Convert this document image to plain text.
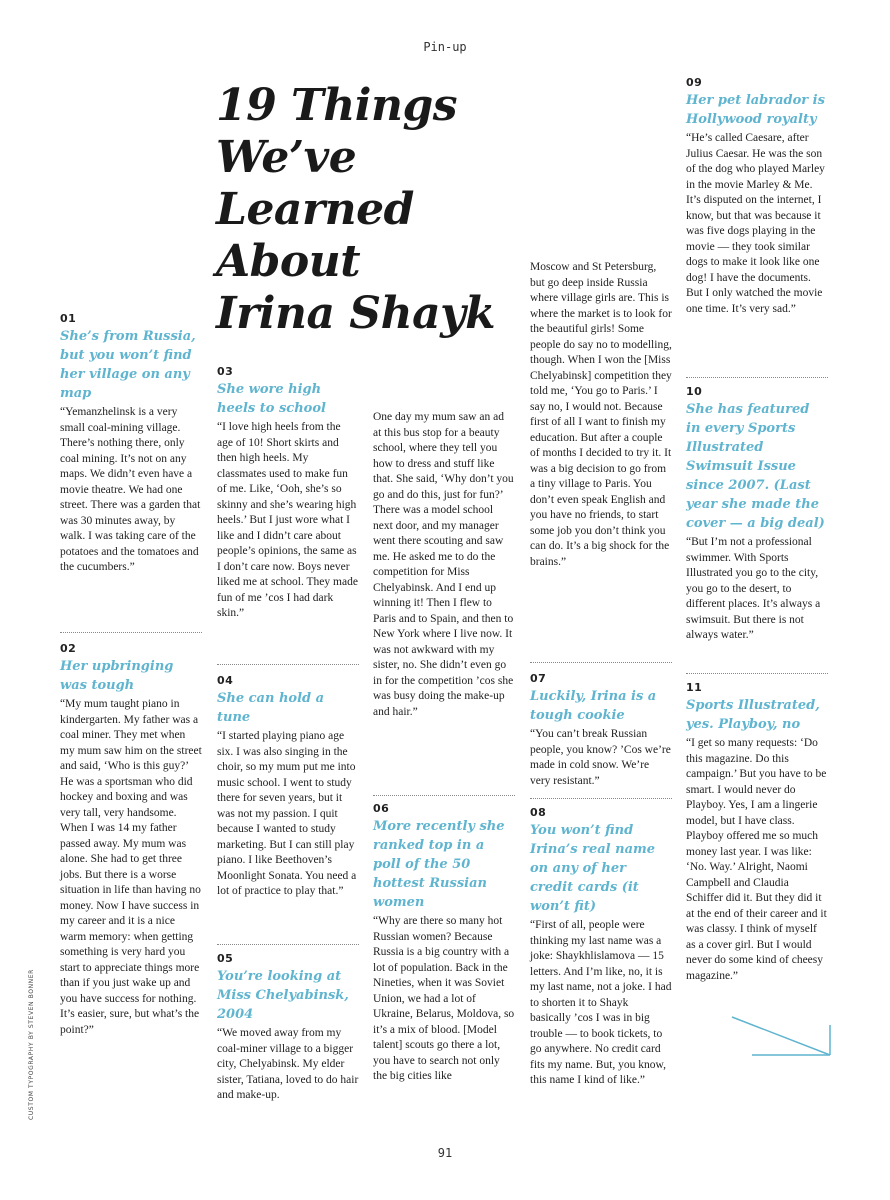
Pin-up
19 Things
We’ve
Learned
About
Irina Shayk
01
She’s from Russia, but you won’t find her village on any map
“Yemanzhelinsk is a very small coal-mining village. There’s nothing there, only coal mining. It’s not on any maps. We didn’t even have a movie theatre. We had one street. There was a garden that was 30 minutes away, by walk. I was taking care of the potatoes and the tomatoes and the cucumbers.”
02
Her upbringing was tough
“My mum taught piano in kindergarten. My father was a coal miner. They met when my mum saw him on the street and said, ‘Who is this guy?’ He was a sportsman who did hockey and boxing and was very tall, very handsome. When I was 14 my father passed away. My mum was alone. She had to get three jobs. But there is a worse situation in life than having no money. Now I have success in my career and it is a nice warm memory: when getting something is very hard you start to appreciate things more than if you just wake up and you have success for nothing. It’s easier, sure, but what’s the point?”
03
She wore high heels to school
“I love high heels from the age of 10! Short skirts and then high heels. My classmates used to make fun of me. Like, ‘Ooh, she’s so skinny and she’s wearing high heels.’ But I just wore what I like and I didn’t care about people’s opinions, the same as I don’t care now. Boys never liked me at school. They made fun of me ’cos I had dark skin.”
04
She can hold a tune
“I started playing piano age six. I was also singing in the choir, so my mum put me into music school. I went to study there for seven years, but it was not my passion. I quit because I wanted to study marketing. But I can still play piano. I like Beethoven’s Moonlight Sonata. You need a lot of practice to play that.”
05
You’re looking at Miss Chelyabinsk, 2004
“We moved away from my coal-miner village to a bigger city, Chelyabinsk. My elder sister, Tatiana, loved to do hair and make-up.
One day my mum saw an ad at this bus stop for a beauty school, where they tell you how to dress and stuff like that. She said, ‘Why don’t you go and do this, just for fun?’ There was a model school next door, and my manager went there scouting and saw me. He asked me to do the competition for Miss Chelyabinsk. And I end up winning it! Then I flew to Paris and to Spain, and then to New York where I live now. It was not awkward with my sister, no. She didn’t even go in for the competition ’cos she was busy doing the make-up and hair.”
06
More recently she ranked top in a poll of the 50 hottest Russian women
“Why are there so many hot Russian women? Because Russia is a big country with a lot of population. Back in the Nineties, when it was Soviet Union, we had a lot of Ukraine, Belarus, Moldova, so it’s a mix of blood. [Model talent] scouts go there a lot, you have to search not only the big cities like
Moscow and St Petersburg, but go deep inside Russia where village girls are. This is where the market is to look for the beautiful girls! Some people do say no to modelling, though. When I won the [Miss Chelyabinsk] competition they told me, ‘You go to Paris.’ I say no, I would not. Because first of all I want to finish my education. But after a couple of months I decided to try it. It was a big decision to go from a tiny village to Paris. You don’t even speak English and you have no friends, to start some job you don’t think you can do. It’s a big shock for the brains.”
07
Luckily, Irina is a tough cookie
“You can’t break Russian people, you know? ’Cos we’re made in cold snow. We’re very resistant.”
08
You won’t find Irina’s real name on any of her credit cards (it won’t fit)
“First of all, people were thinking my last name was a joke: Shaykhlislamova — 15 letters. And I’m like, no, it is my last name, not a joke. I had to shorten it to Shayk basically ’cos I was in big trouble — to book tickets, to go anywhere. No credit card fits my name. But, you know, this name I kind of like.”
09
Her pet labrador is Hollywood royalty
“He’s called Caesare, after Julius Caesar. He was the son of the dog who played Marley in the movie Marley & Me. It’s disputed on the internet, I know, but that was because it was five dogs playing in the movie — they took similar dogs to make it look like one dog! I have the documents. But I only watched the movie one time. It’s very sad.”
10
She has featured in every Sports Illustrated Swimsuit Issue since 2007. (Last year she made the cover — a big deal)
“But I’m not a professional swimmer. With Sports Illustrated you go to the city, you go to the desert, to different places. It’s always a swimsuit. But there is not always water.”
11
Sports Illustrated, yes. Playboy, no
“I get so many requests: ‘Do this magazine. Do this campaign.’ But you have to be smart. I would never do Playboy. Yes, I am a lingerie model, but I have class. Playboy offered me so much money last year. I was like: ‘No. Way.’ Alright, Naomi Campbell and Claudia Schiffer did it. But they did it at the end of their career and it was classy. I think of myself as a cover girl. But I would never do some kind of cheesy magazine.”
CUSTOM TYPOGRAPHY BY STEVEN BONNER
91
